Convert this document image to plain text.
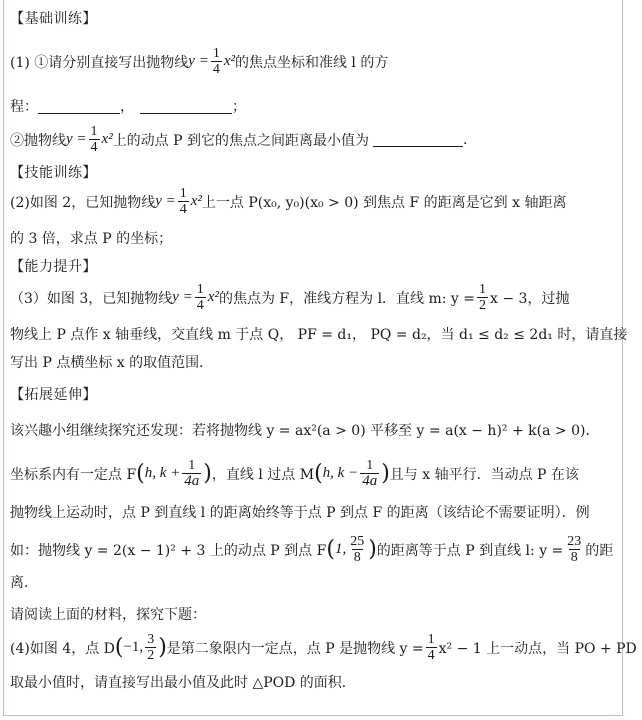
【基础训练】
(1) ①请分别直接写出抛物线 $y = \frac{1}{4} x^2$ 的焦点坐标和准线 l 的方
程：	，	；
②抛物线 $y = \frac{1}{4} x^2$ 上的动点 P 到它的焦点之间距离最小值为	.
【技能训练】
(2)如图 2，已知抛物线 $y = \frac{1}{4} x^2$ 上一点 P(x₀, y₀)(x₀ > 0) 到焦点 F 的距离是它到 x 轴距离
的 3 倍，求点 P 的坐标；
【能力提升】
（3）如图 3，已知抛物线 $y = \frac{1}{4} x^2$ 的焦点为 F，准线方程为 l．直线 m: $y = \frac{1}{2}$ x − 3，过抛
物线上 P 点作 x 轴垂线，交直线 m 于点 Q， PF = d₁， PQ = d₂，当 d₁ ≤ d₂ ≤ 2d₁ 时，请直接
写出 P 点横坐标 x 的取值范围．
【拓展延伸】
该兴趣小组继续探究还发现：若将抛物线 y = ax²(a > 0) 平移至 y = a(x − h)² + k(a > 0)．
坐标系内有一定点 F ( h, $k + \frac{1}{4a}$ ) ，直线 l 过点 M ( h, $k - \frac{1}{4a}$ ) 且与 x 轴平行．当动点 P 在该
抛物线上运动时，点 P 到直线 l 的距离始终等于点 P 到点 F 的距离（该结论不需要证明）．例
如：抛物线 y = 2(x − 1)² + 3 上的动点 P 到点 F ( 1, $\frac{25}{8}$ ) 的距离等于点 P 到直线 l: $y = \frac{23}{8}$ 的距
离．
请阅读上面的材料，探究下题：
(4)如图 4，点 D ( −1, $\frac{3}{2}$ ) 是第二象限内一定点，点 P 是抛物线 $y = \frac{1}{4} x^2 - 1$ 上一动点，当 PO + PD
取最小值时，请直接写出最小值及此时 △POD 的面积．
